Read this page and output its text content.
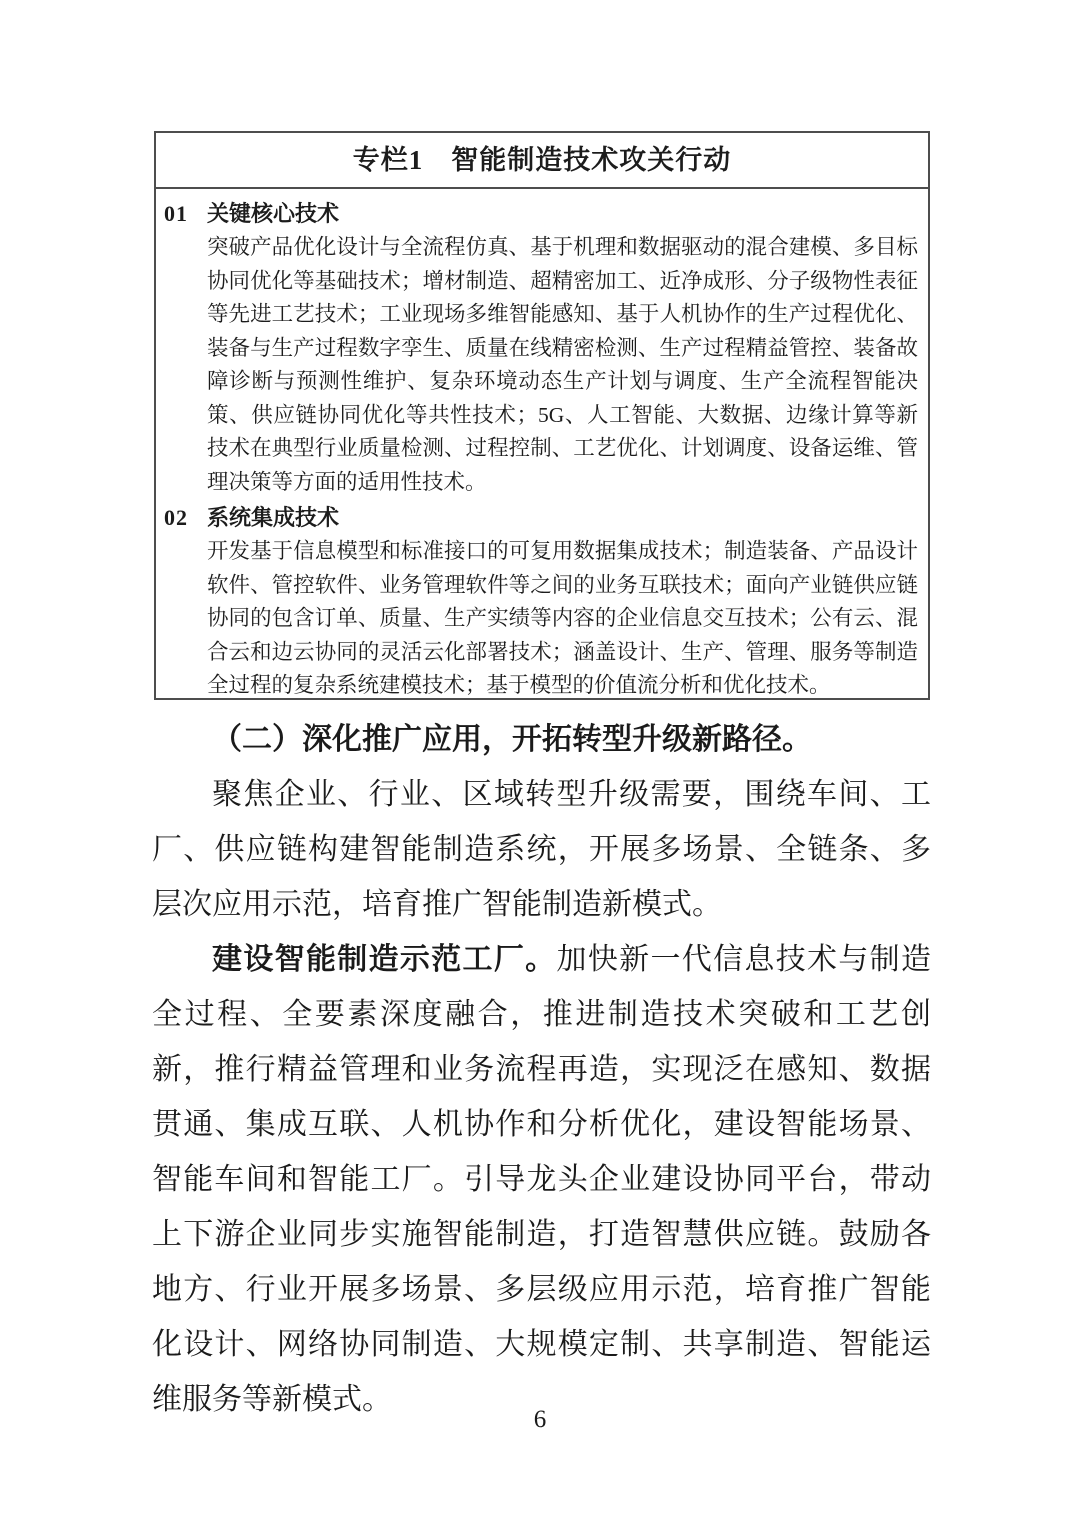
专栏1　智能制造技术攻关行动
01 关键核心技术
突破产品优化设计与全流程仿真、基于机理和数据驱动的混合建模、多目标协同优化等基础技术；增材制造、超精密加工、近净成形、分子级物性表征等先进工艺技术；工业现场多维智能感知、基于人机协作的生产过程优化、装备与生产过程数字孪生、质量在线精密检测、生产过程精益管控、装备故障诊断与预测性维护、复杂环境动态生产计划与调度、生产全流程智能决策、供应链协同优化等共性技术；5G、人工智能、大数据、边缘计算等新技术在典型行业质量检测、过程控制、工艺优化、计划调度、设备运维、管理决策等方面的适用性技术。
02 系统集成技术
开发基于信息模型和标准接口的可复用数据集成技术；制造装备、产品设计软件、管控软件、业务管理软件等之间的业务互联技术；面向产业链供应链协同的包含订单、质量、生产实绩等内容的企业信息交互技术；公有云、混合云和边云协同的灵活云化部署技术；涵盖设计、生产、管理、服务等制造全过程的复杂系统建模技术；基于模型的价值流分析和优化技术。
（二）深化推广应用，开拓转型升级新路径。

聚焦企业、行业、区域转型升级需要，围绕车间、工厂、供应链构建智能制造系统，开展多场景、全链条、多层次应用示范，培育推广智能制造新模式。

建设智能制造示范工厂。加快新一代信息技术与制造全过程、全要素深度融合，推进制造技术突破和工艺创新，推行精益管理和业务流程再造，实现泛在感知、数据贯通、集成互联、人机协作和分析优化，建设智能场景、智能车间和智能工厂。引导龙头企业建设协同平台，带动上下游企业同步实施智能制造，打造智慧供应链。鼓励各地方、行业开展多场景、多层级应用示范，培育推广智能化设计、网络协同制造、大规模定制、共享制造、智能运维服务等新模式。

6
